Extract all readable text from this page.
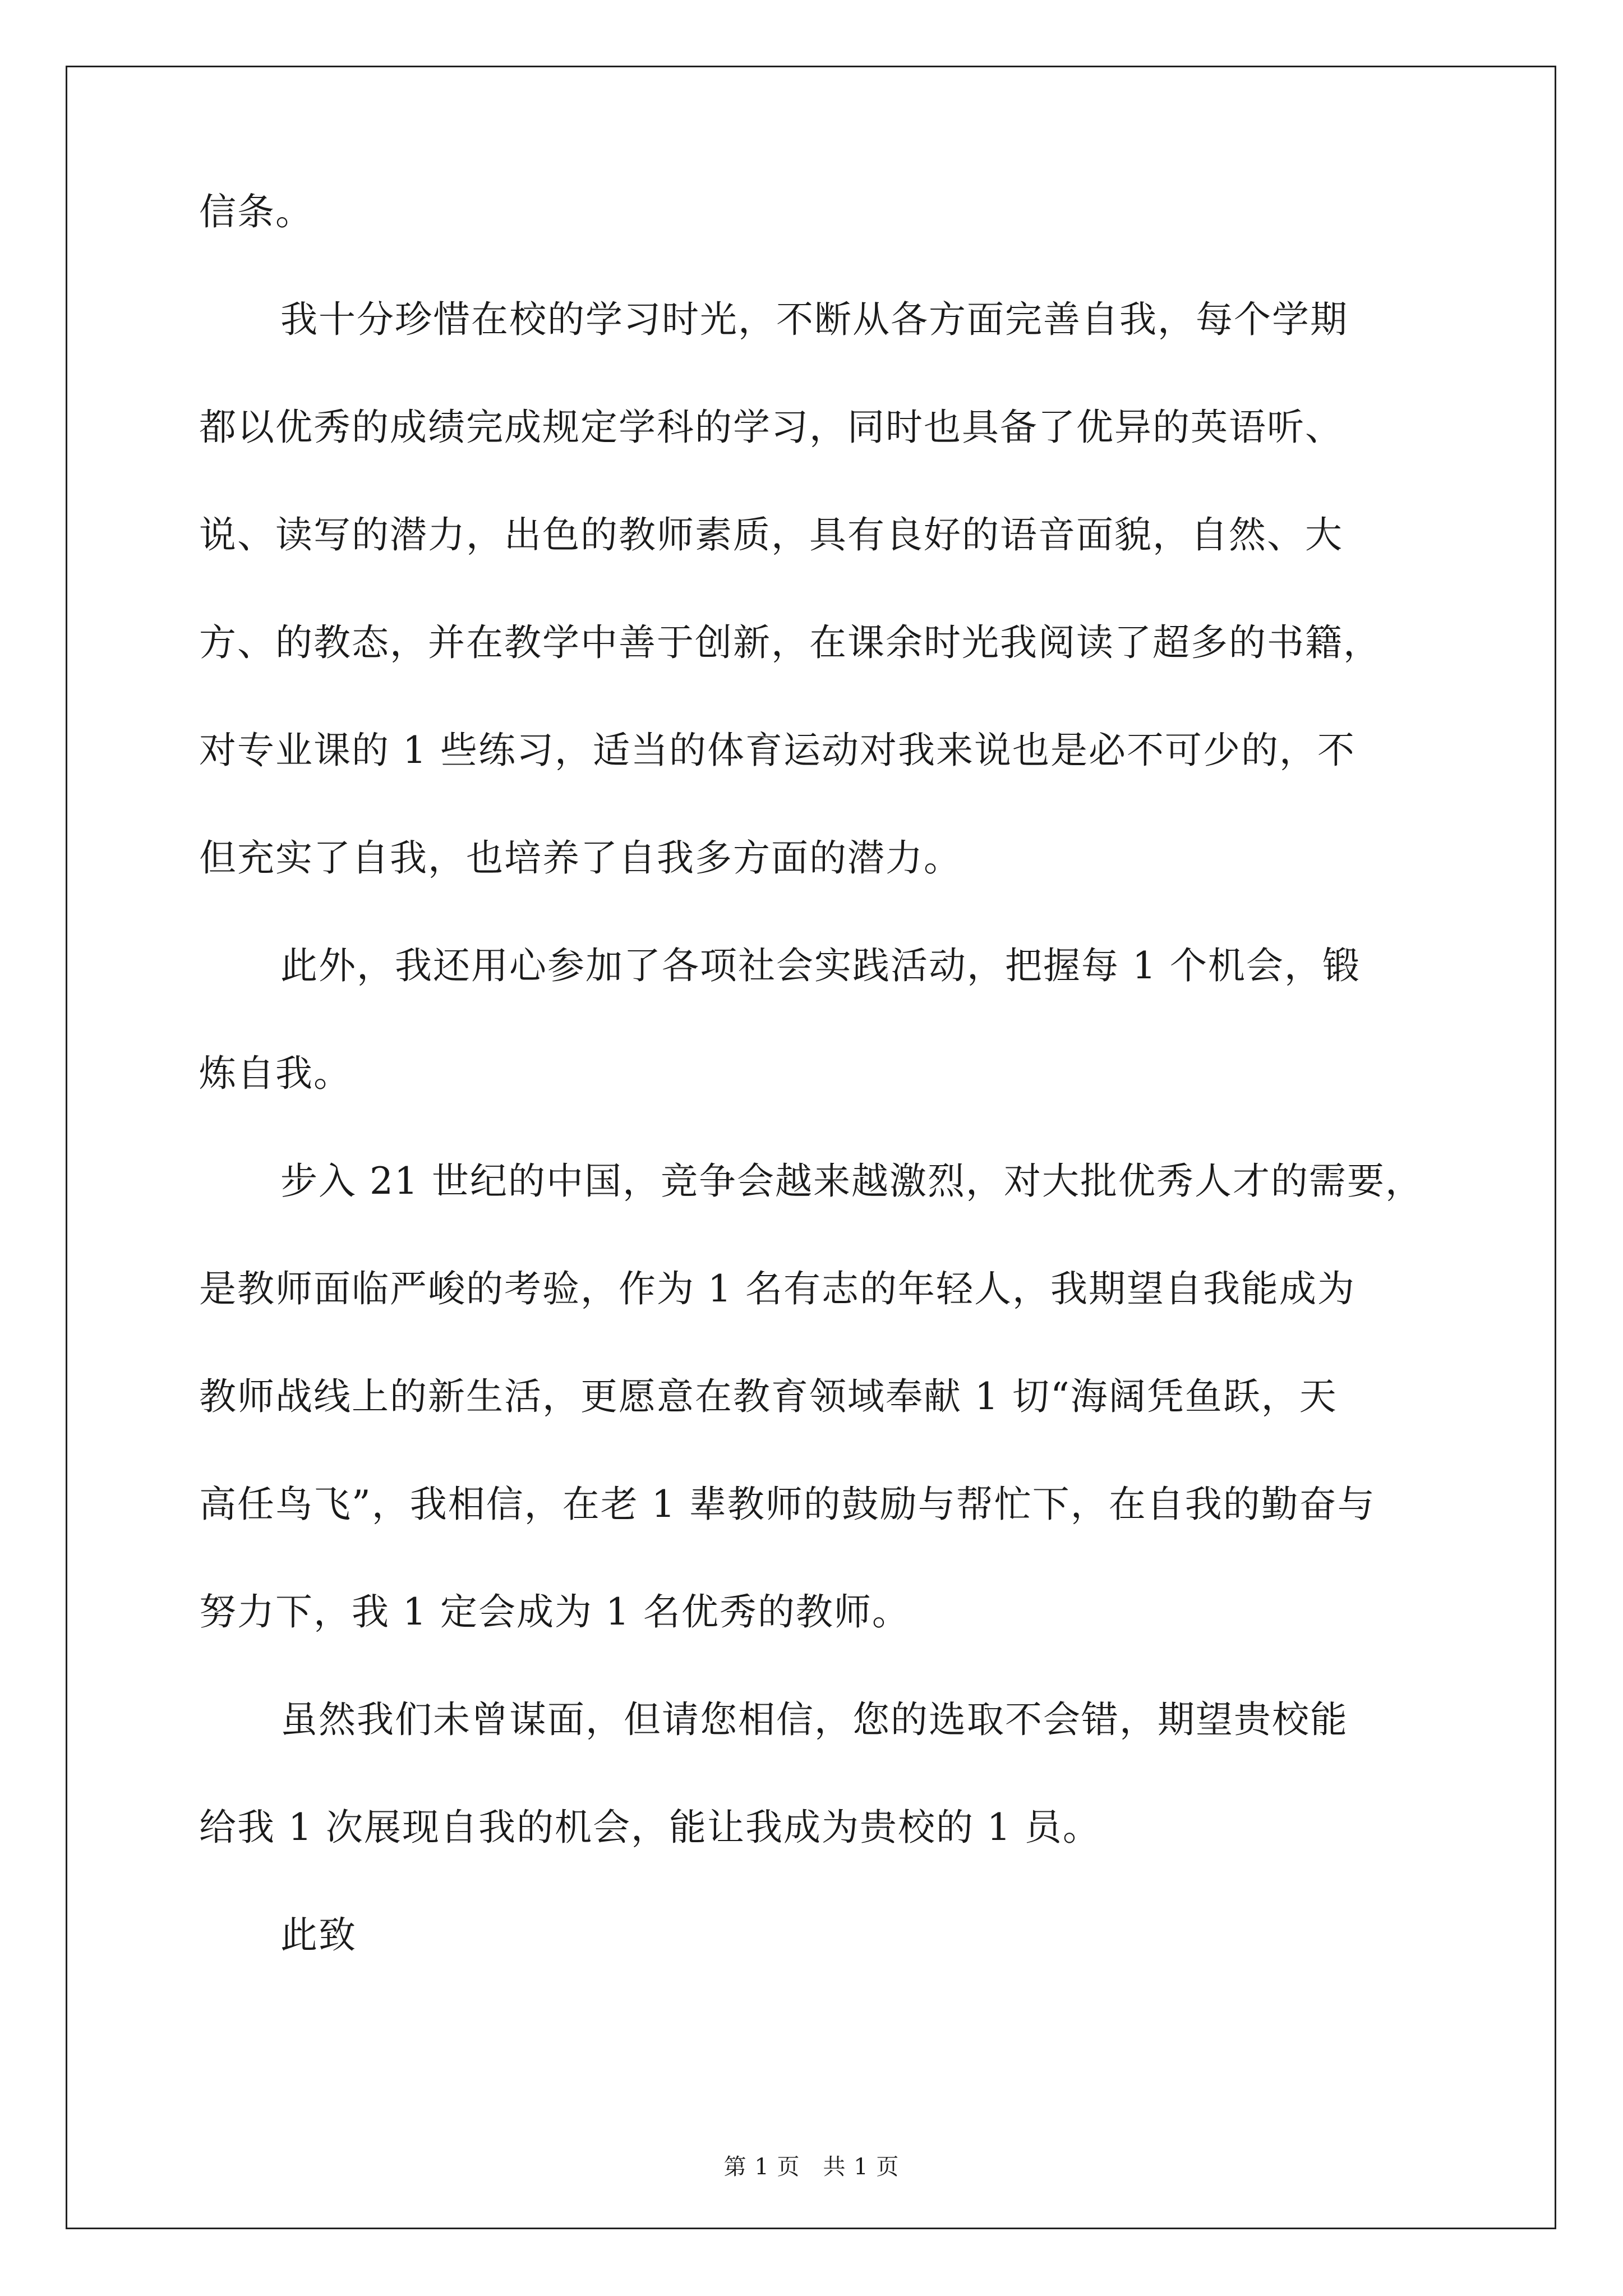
信条。
我十分珍惜在校的学习时光，不断从各方面完善自我，每个学期
都以优秀的成绩完成规定学科的学习，同时也具备了优异的英语听、
说、读写的潜力，出色的教师素质，具有良好的语音面貌，自然、大
方、的教态，并在教学中善于创新，在课余时光我阅读了超多的书籍，
对专业课的 1 些练习，适当的体育运动对我来说也是必不可少的，不
但充实了自我，也培养了自我多方面的潜力。
此外，我还用心参加了各项社会实践活动，把握每 1 个机会，锻
炼自我。
步入 21 世纪的中国，竞争会越来越激烈，对大批优秀人才的需要，
是教师面临严峻的考验，作为 1 名有志的年轻人，我期望自我能成为
教师战线上的新生活，更愿意在教育领域奉献 1 切“海阔凭鱼跃，天
高任鸟飞”，我相信，在老 1 辈教师的鼓励与帮忙下，在自我的勤奋与
努力下，我 1 定会成为 1 名优秀的教师。
虽然我们未曾谋面，但请您相信，您的选取不会错，期望贵校能
给我 1 次展现自我的机会，能让我成为贵校的 1 员。
此致
第 1 页　共 1 页
